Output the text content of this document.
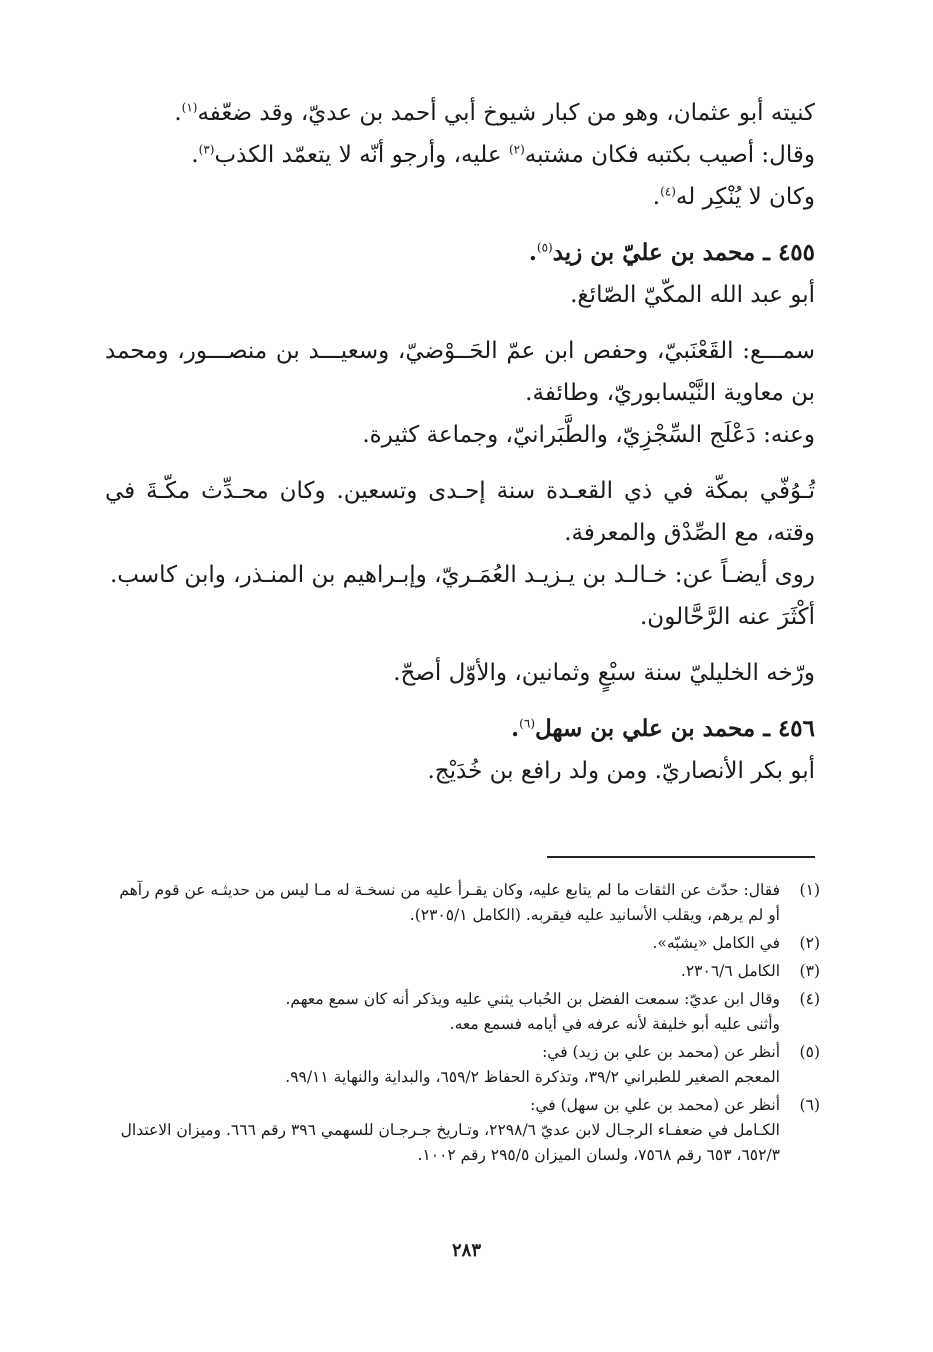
كنيته أبو عثمان، وهو من كبار شيوخ أبي أحمد بن عديّ، وقد ضعّفه$^{(١)}$.

وقال: أصيب بكتبه فكان مشتبه$^{(٢)}$ عليه، وأرجو أنّه لا يتعمّد الكذب$^{(٣)}$.

وكان لا يُنْكِر له$^{(٤)}$.

٤٥٥ ـ محمد بن عليّ بن زيد$^{(٥)}$.

أبو عبد الله المكّيّ الصّائغ.

سمـــع: القَعْنَبيّ، وحفص ابن عمّ الحَــوْضيّ، وسعيـــد بن منصـــور، ومحمد بن معاوية النَّيْسابوريّ، وطائفة.

وعنه: دَعْلَج السِّجْزِيّ، والطَّبَرانيّ، وجماعة كثيرة.

تُـوُفّي بمكّة في ذي القعـدة سنة إحـدى وتسعين. وكان محـدِّث مكّـةَ في وقته، مع الصِّدْق والمعرفة.

روى أيضـاً عن: خـالـد بن يـزيـد العُمَـريّ، وإبـراهيم بن المنـذر، وابن كاسب.

أكْثَرَ عنه الرَّحَّالون.

ورّخه الخليليّ سنة سبْعٍ وثمانين، والأوّل أصحّ.

٤٥٦ ـ محمد بن علي بن سهل$^{(٦)}$.

أبو بكر الأنصاريّ. ومن ولد رافع بن خُدَيْج.

(١)
فقال: حدّث عن الثقات ما لم يتابع عليه، وكان يقـرأ عليه من نسخـة له مـا ليس من حديثـه عن قوم رآهم أو لم يرهم، ويقلب الأسانيد عليه فيقربه. (الكامل ٢٣٠٥/١).
(٢)
في الكامل «يشبّه».
(٣)
الكامل ٢٣٠٦/٦.
(٤)
وقال ابن عديّ: سمعت الفضل بن الحُباب يثني عليه ويذكر أنه كان سمع معهم.
وأثنى عليه أبو خليفة لأنه عرفه في أيامه فسمع معه.
(٥)
أنظر عن (محمد بن علي بن زيد) في:
المعجم الصغير للطبراني ٣٩/٢، وتذكرة الحفاظ ٦٥٩/٢، والبداية والنهاية ٩٩/١١.
(٦)
أنظر عن (محمد بن علي بن سهل) في:
الكـامل في ضعفـاء الرجـال لابن عديّ ٢٢٩٨/٦، وتـاريخ جـرجـان للسهمي ٣٩٦ رقم ٦٦٦. وميزان الاعتدال ٦٥٢/٣، ٦٥٣ رقم ٧٥٦٨، ولسان الميزان ٢٩٥/٥ رقم ١٠٠٢.
٢٨٣
